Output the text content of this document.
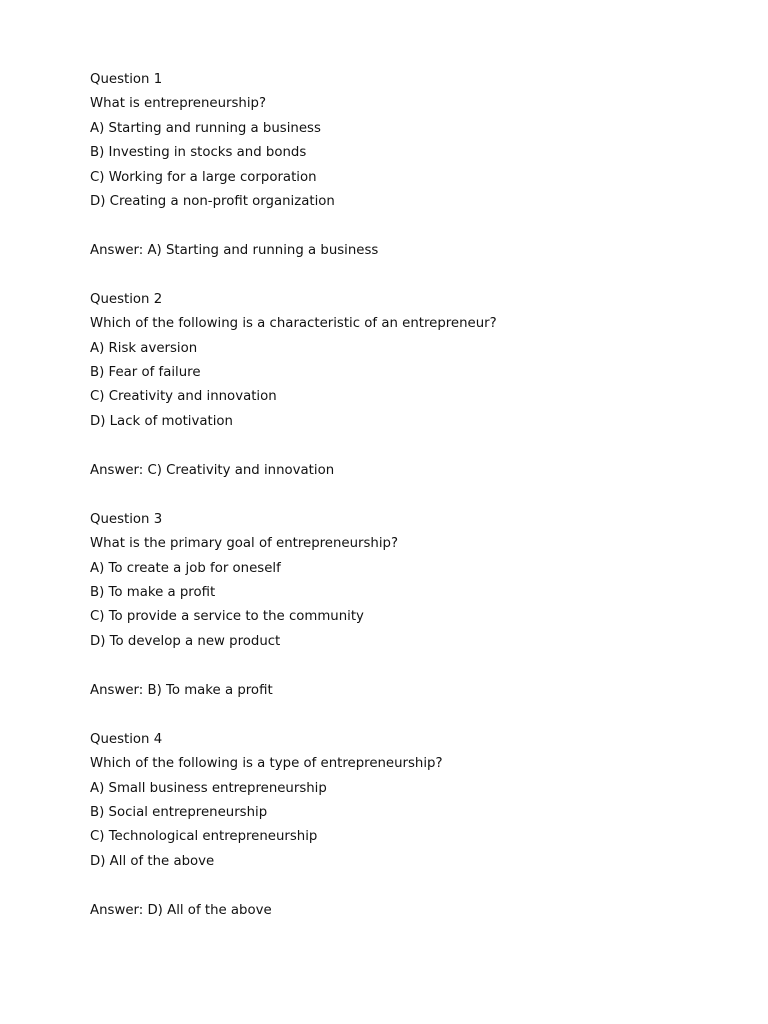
Question 1
What is entrepreneurship?
A) Starting and running a business
B) Investing in stocks and bonds
C) Working for a large corporation
D) Creating a non-profit organization
Answer: A) Starting and running a business
Question 2
Which of the following is a characteristic of an entrepreneur?
A) Risk aversion
B) Fear of failure
C) Creativity and innovation
D) Lack of motivation
Answer: C) Creativity and innovation
Question 3
What is the primary goal of entrepreneurship?
A) To create a job for oneself
B) To make a profit
C) To provide a service to the community
D) To develop a new product
Answer: B) To make a profit
Question 4
Which of the following is a type of entrepreneurship?
A) Small business entrepreneurship
B) Social entrepreneurship
C) Technological entrepreneurship
D) All of the above
Answer: D) All of the above
